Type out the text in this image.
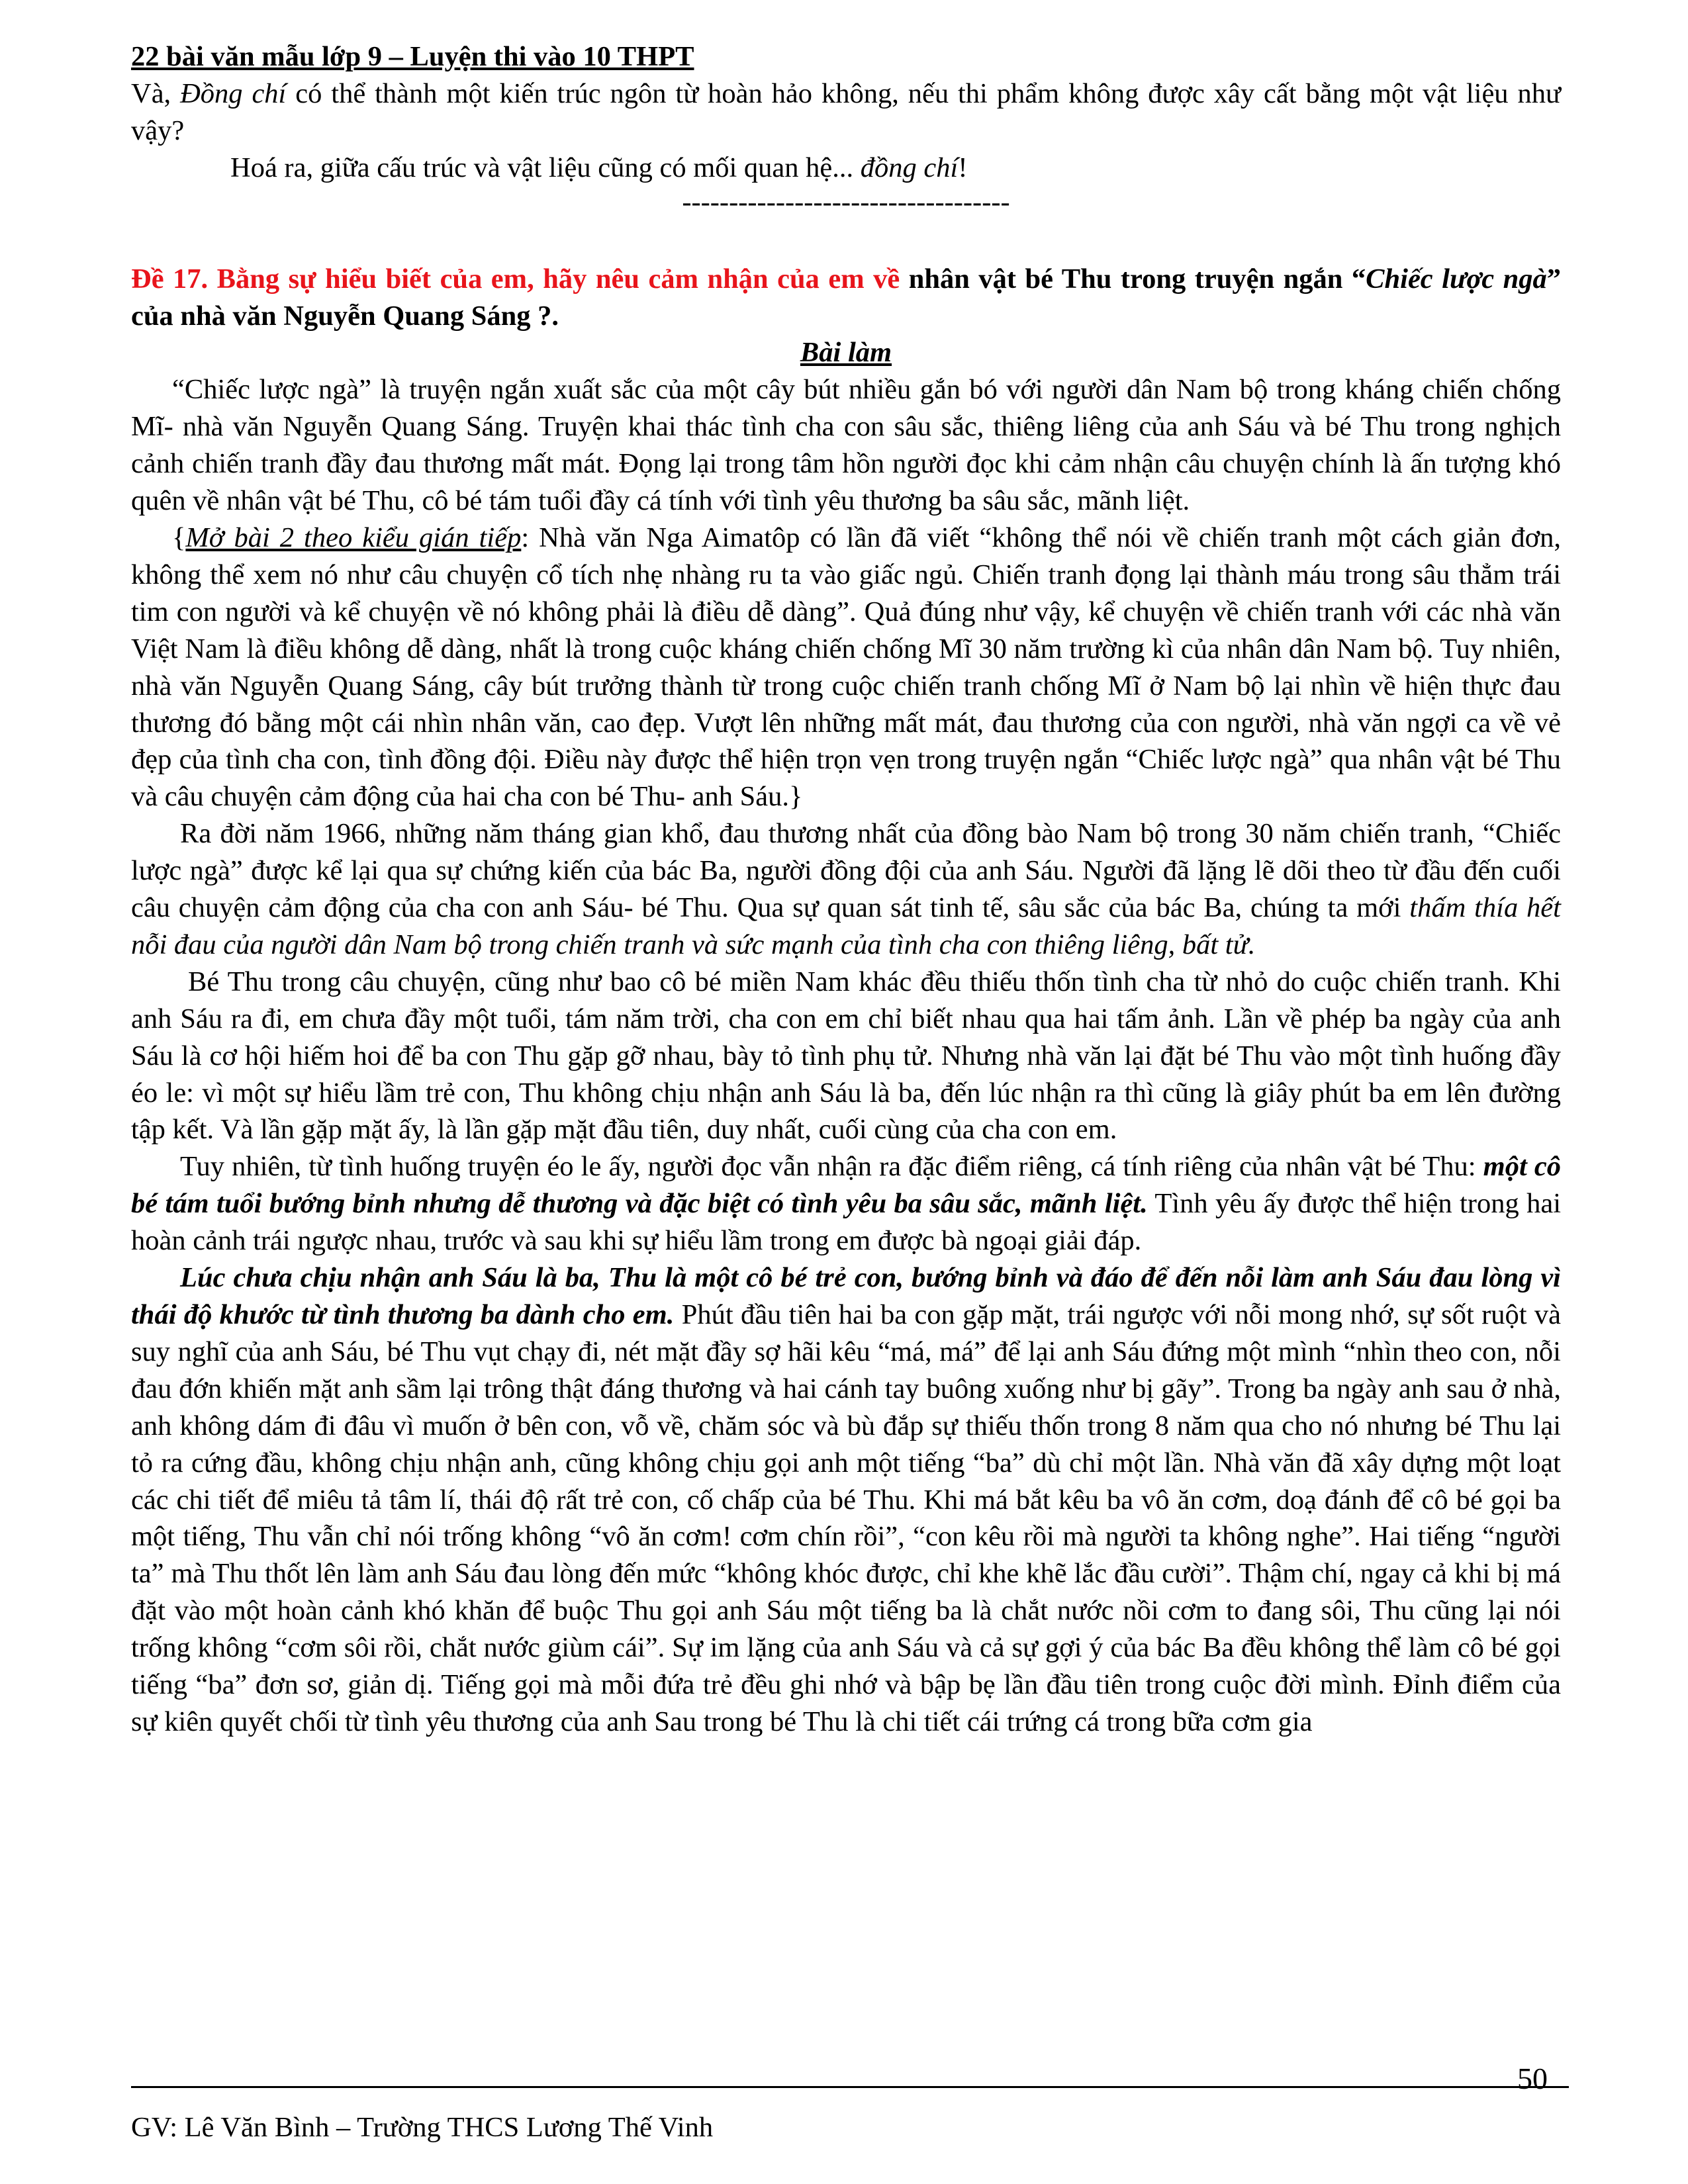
22 bài văn mẫu lớp 9 – Luyện thi vào 10 THPT

Và, Đồng chí có thể thành một kiến trúc ngôn từ hoàn hảo không, nếu thi phẩm không được xây cất bằng một vật liệu như vậy?

Hoá ra, giữa cấu trúc và vật liệu cũng có mối quan hệ... đồng chí!

-----------------------------------

Đề 17. Bằng sự hiểu biết của em, hãy nêu cảm nhận của em về nhân vật bé Thu trong truyện ngắn “Chiếc lược ngà” của nhà văn Nguyễn Quang Sáng ?.

Bài làm

“Chiếc lược ngà” là truyện ngắn xuất sắc của một cây bút nhiều gắn bó với người dân Nam bộ trong kháng chiến chống Mĩ- nhà văn Nguyễn Quang Sáng. Truyện khai thác tình cha con sâu sắc, thiêng liêng của anh Sáu và bé Thu trong nghịch cảnh chiến tranh đầy đau thương mất mát. Đọng lại trong tâm hồn người đọc khi cảm nhận câu chuyện chính là ấn tượng khó quên về nhân vật bé Thu, cô bé tám tuổi đầy cá tính với tình yêu thương ba sâu sắc, mãnh liệt.

{Mở bài 2 theo kiểu gián tiếp: Nhà văn Nga Aimatôp có lần đã viết “không thể nói về chiến tranh một cách giản đơn, không thể xem nó như câu chuyện cổ tích nhẹ nhàng ru ta vào giấc ngủ. Chiến tranh đọng lại thành máu trong sâu thẳm trái tim con người và kể chuyện về nó không phải là điều dễ dàng”. Quả đúng như vậy, kể chuyện về chiến tranh với các nhà văn Việt Nam là điều không dễ dàng, nhất là trong cuộc kháng chiến chống Mĩ 30 năm trường kì của nhân dân Nam bộ. Tuy nhiên, nhà văn Nguyễn Quang Sáng, cây bút trưởng thành từ trong cuộc chiến tranh chống Mĩ ở Nam bộ lại nhìn về hiện thực đau thương đó bằng một cái nhìn nhân văn, cao đẹp. Vượt lên những mất mát, đau thương của con người, nhà văn ngợi ca về vẻ đẹp của tình cha con, tình đồng đội. Điều này được thể hiện trọn vẹn trong truyện ngắn “Chiếc lược ngà” qua nhân vật bé Thu và câu chuyện cảm động của hai cha con bé Thu- anh Sáu.}

Ra đời năm 1966, những năm tháng gian khổ, đau thương nhất của đồng bào Nam bộ trong 30 năm chiến tranh, “Chiếc lược ngà” được kể lại qua sự chứng kiến của bác Ba, người đồng đội của anh Sáu. Người đã lặng lẽ dõi theo từ đầu đến cuối câu chuyện cảm động của cha con anh Sáu- bé Thu. Qua sự quan sát tinh tế, sâu sắc của bác Ba, chúng ta mới thấm thía hết nỗi đau của người dân Nam bộ trong chiến tranh và sức mạnh của tình cha con thiêng liêng, bất tử.

Bé Thu trong câu chuyện, cũng như bao cô bé miền Nam khác đều thiếu thốn tình cha từ nhỏ do cuộc chiến tranh. Khi anh Sáu ra đi, em chưa đầy một tuổi, tám năm trời, cha con em chỉ biết nhau qua hai tấm ảnh. Lần về phép ba ngày của anh Sáu là cơ hội hiếm hoi để ba con Thu gặp gỡ nhau, bày tỏ tình phụ tử. Nhưng nhà văn lại đặt bé Thu vào một tình huống đầy éo le: vì một sự hiểu lầm trẻ con, Thu không chịu nhận anh Sáu là ba, đến lúc nhận ra thì cũng là giây phút ba em lên đường tập kết. Và lần gặp mặt ấy, là lần gặp mặt đầu tiên, duy nhất, cuối cùng của cha con em.

Tuy nhiên, từ tình huống truyện éo le ấy, người đọc vẫn nhận ra đặc điểm riêng, cá tính riêng của nhân vật bé Thu: một cô bé tám tuổi bướng bỉnh nhưng dễ thương và đặc biệt có tình yêu ba sâu sắc, mãnh liệt. Tình yêu ấy được thể hiện trong hai hoàn cảnh trái ngược nhau, trước và sau khi sự hiểu lầm trong em được bà ngoại giải đáp.

Lúc chưa chịu nhận anh Sáu là ba, Thu là một cô bé trẻ con, bướng bỉnh và đáo để đến nỗi làm anh Sáu đau lòng vì thái độ khước từ tình thương ba dành cho em. Phút đầu tiên hai ba con gặp mặt, trái ngược với nỗi mong nhớ, sự sốt ruột và suy nghĩ của anh Sáu, bé Thu vụt chạy đi, nét mặt đầy sợ hãi kêu “má, má” để lại anh Sáu đứng một mình “nhìn theo con, nỗi đau đớn khiến mặt anh sầm lại trông thật đáng thương và hai cánh tay buông xuống như bị gãy”. Trong ba ngày anh sau ở nhà, anh không dám đi đâu vì muốn ở bên con, vỗ về, chăm sóc và bù đắp sự thiếu thốn trong 8 năm qua cho nó nhưng bé Thu lại tỏ ra cứng đầu, không chịu nhận anh, cũng không chịu gọi anh một tiếng “ba” dù chỉ một lần. Nhà văn đã xây dựng một loạt các chi tiết để miêu tả tâm lí, thái độ rất trẻ con, cố chấp của bé Thu. Khi má bắt kêu ba vô ăn cơm, doạ đánh để cô bé gọi ba một tiếng, Thu vẫn chỉ nói trống không “vô ăn cơm! cơm chín rồi”, “con kêu rồi mà người ta không nghe”. Hai tiếng “người ta” mà Thu thốt lên làm anh Sáu đau lòng đến mức “không khóc được, chỉ khe khẽ lắc đầu cười”. Thậm chí, ngay cả khi bị má đặt vào một hoàn cảnh khó khăn để buộc Thu gọi anh Sáu một tiếng ba là chắt nước nồi cơm to đang sôi, Thu cũng lại nói trống không “cơm sôi rồi, chắt nước giùm cái”. Sự im lặng của anh Sáu và cả sự gợi ý của bác Ba đều không thể làm cô bé gọi tiếng “ba” đơn sơ, giản dị. Tiếng gọi mà mỗi đứa trẻ đều ghi nhớ và bập bẹ lần đầu tiên trong cuộc đời mình. Đỉnh điểm của sự kiên quyết chối từ tình yêu thương của anh Sau trong bé Thu là chi tiết cái trứng cá trong bữa cơm gia

50
GV: Lê Văn Bình – Trường THCS Lương Thế Vinh
